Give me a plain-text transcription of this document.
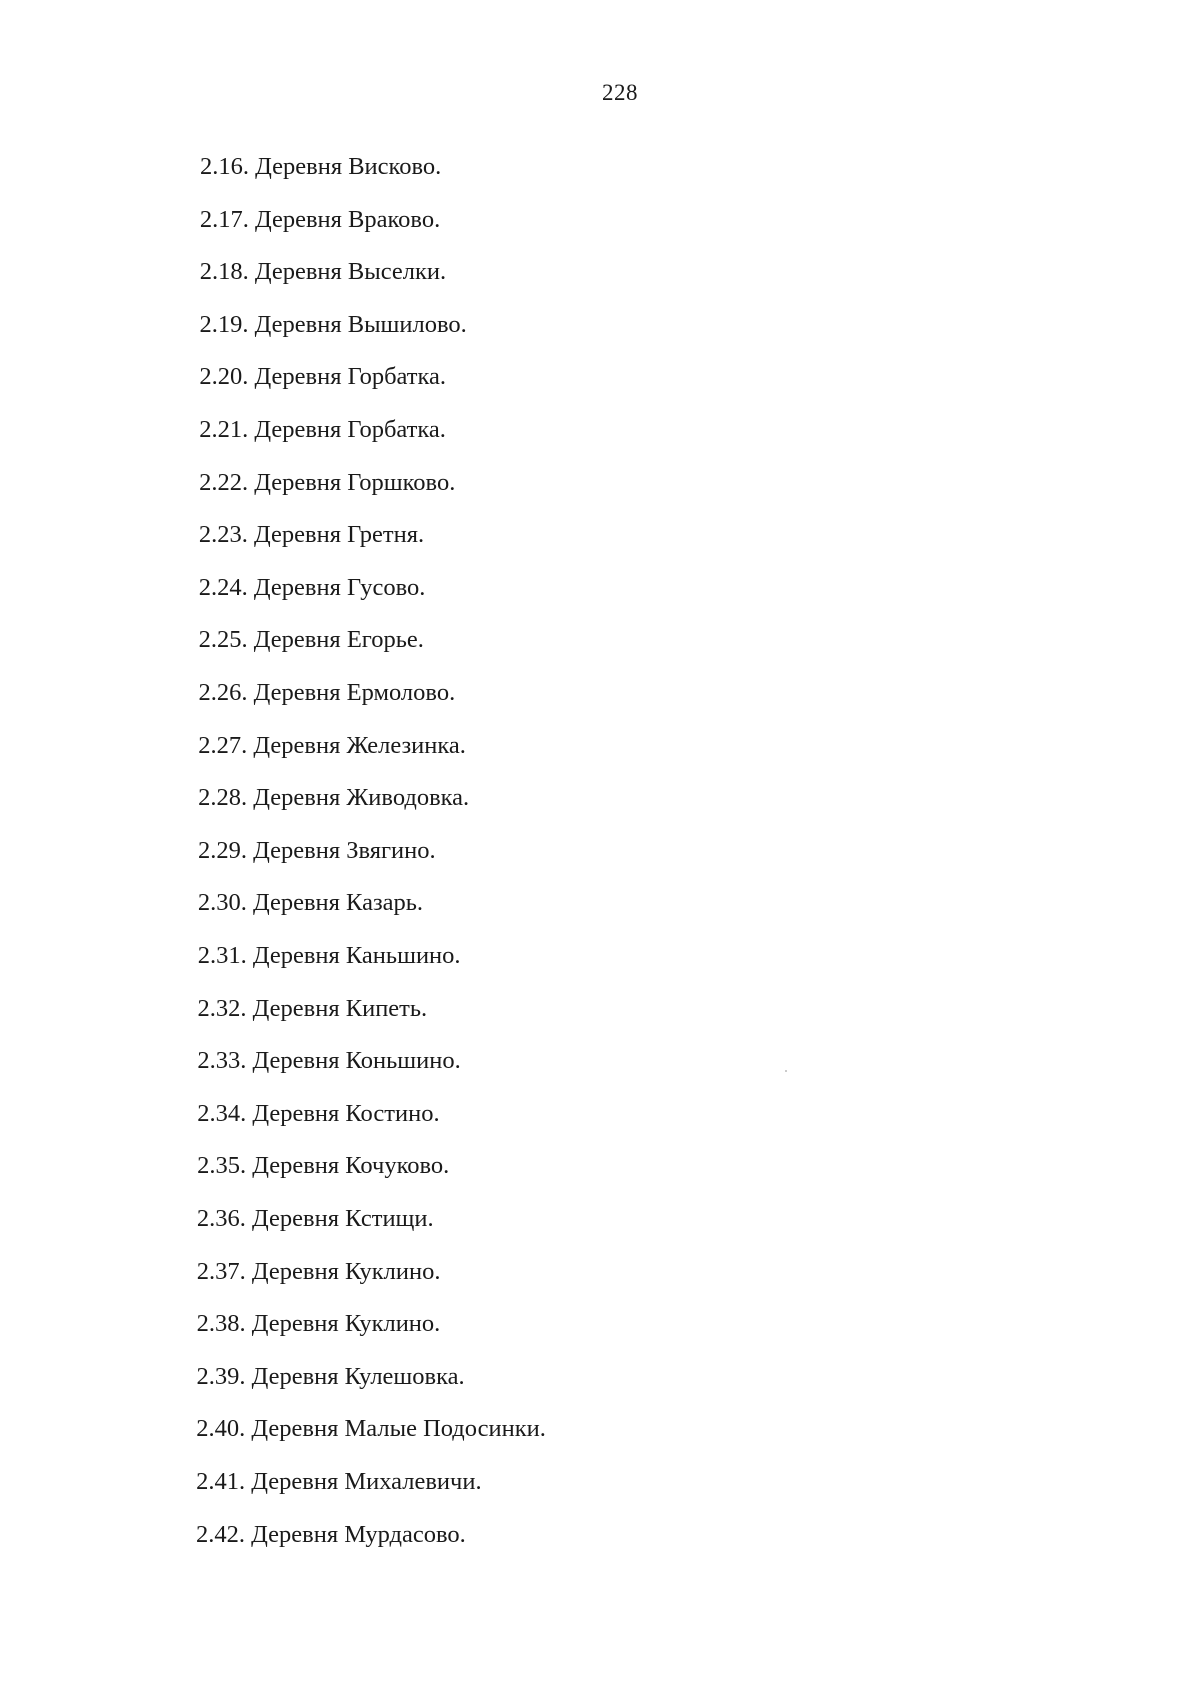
228
2.16. Деревня Висково.
2.17. Деревня Враково.
2.18. Деревня Выселки.
2.19. Деревня Вышилово.
2.20. Деревня Горбатка.
2.21. Деревня Горбатка.
2.22. Деревня Горшково.
2.23. Деревня Гретня.
2.24. Деревня Гусово.
2.25. Деревня Егорье.
2.26. Деревня Ермолово.
2.27. Деревня Железинка.
2.28. Деревня Живодовка.
2.29. Деревня Звягино.
2.30. Деревня Казарь.
2.31. Деревня Каньшино.
2.32. Деревня Кипеть.
2.33. Деревня Коньшино.
2.34. Деревня Костино.
2.35. Деревня Кочуково.
2.36. Деревня Кстищи.
2.37. Деревня Куклино.
2.38. Деревня Куклино.
2.39. Деревня Кулешовка.
2.40. Деревня Малые Подосинки.
2.41. Деревня Михалевичи.
2.42. Деревня Мурдасово.
